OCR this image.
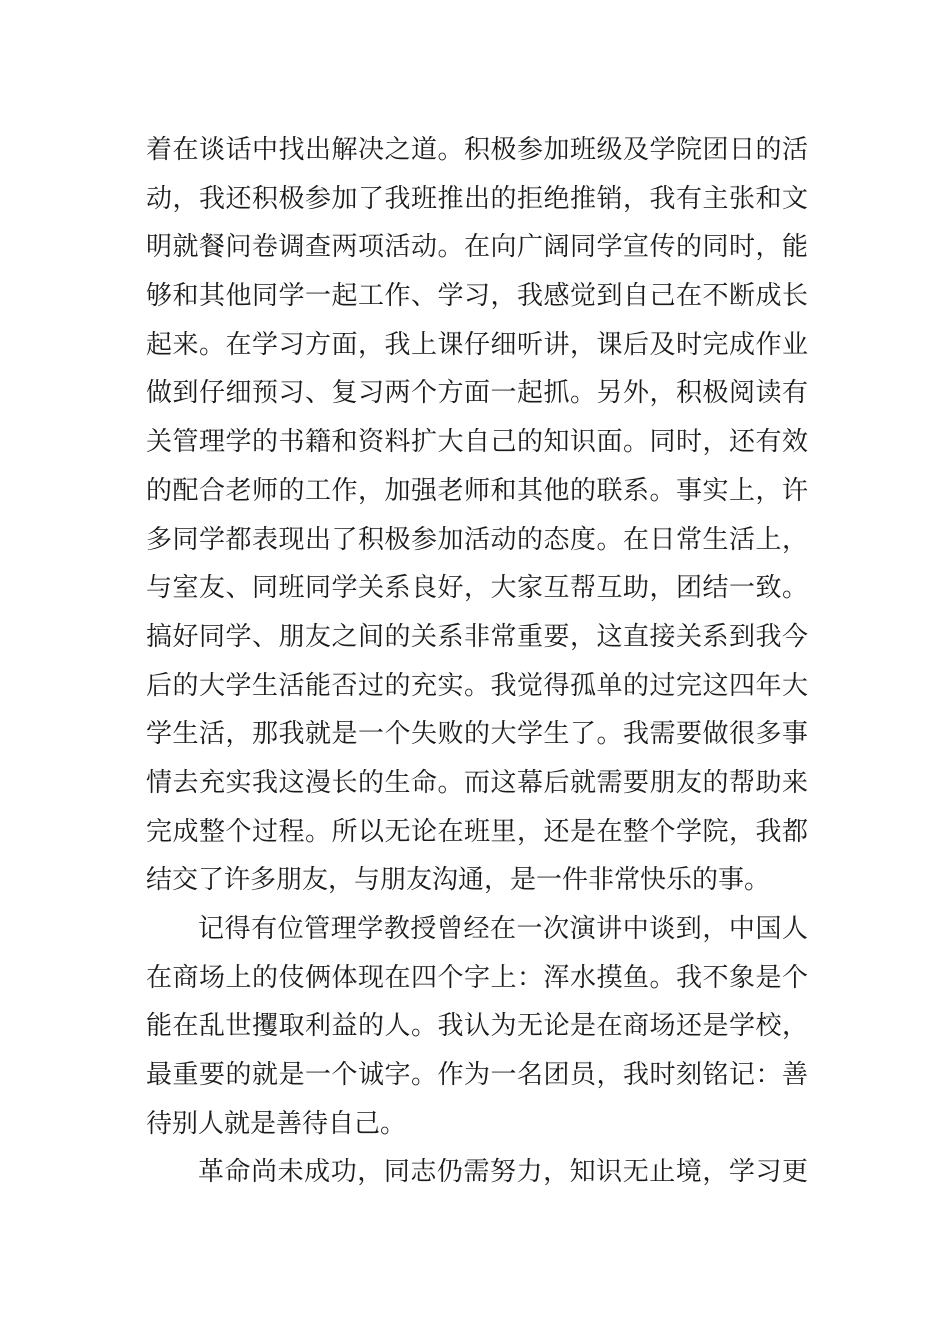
着在谈话中找出解决之道。积极参加班级及学院团日的活
动，我还积极参加了我班推出的拒绝推销，我有主张和文
明就餐问卷调查两项活动。在向广阔同学宣传的同时，能
够和其他同学一起工作、学习，我感觉到自己在不断成长
起来。在学习方面，我上课仔细听讲，课后及时完成作业
做到仔细预习、复习两个方面一起抓。另外，积极阅读有
关管理学的书籍和资料扩大自己的知识面。同时，还有效
的配合老师的工作，加强老师和其他的联系。事实上，许
多同学都表现出了积极参加活动的态度。在日常生活上，
与室友、同班同学关系良好，大家互帮互助，团结一致。
搞好同学、朋友之间的关系非常重要，这直接关系到我今
后的大学生活能否过的充实。我觉得孤单的过完这四年大
学生活，那我就是一个失败的大学生了。我需要做很多事
情去充实我这漫长的生命。而这幕后就需要朋友的帮助来
完成整个过程。所以无论在班里，还是在整个学院，我都
结交了许多朋友，与朋友沟通，是一件非常快乐的事。
记得有位管理学教授曾经在一次演讲中谈到，中国人
在商场上的伎俩体现在四个字上：浑水摸鱼。我不象是个
能在乱世攫取利益的人。我认为无论是在商场还是学校，
最重要的就是一个诚字。作为一名团员，我时刻铭记：善
待别人就是善待自己。
革命尚未成功，同志仍需努力，知识无止境，学习更
